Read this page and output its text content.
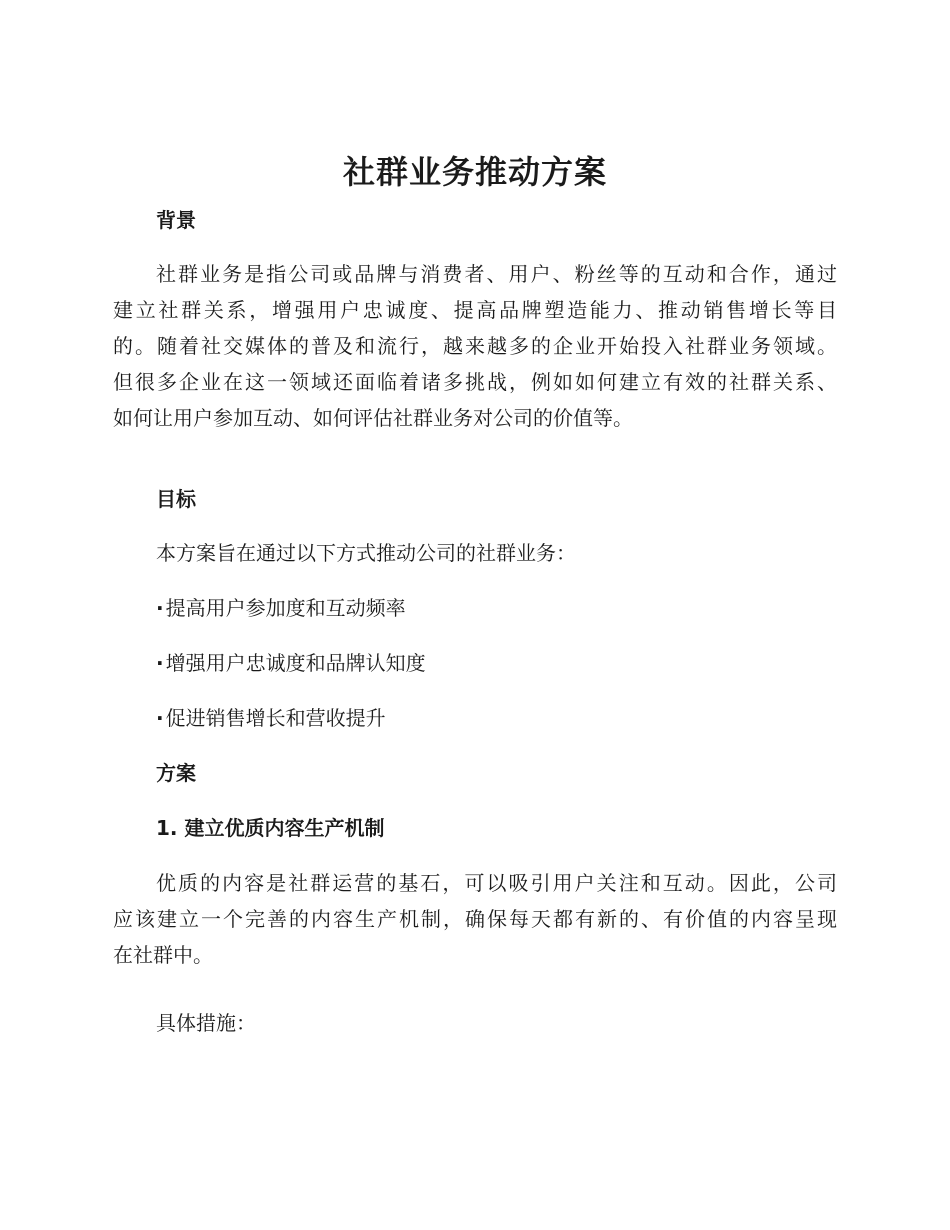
社群业务推动方案
背景
社群业务是指公司或品牌与消费者、用户、粉丝等的互动和合作，通过
建立社群关系，增强用户忠诚度、提高品牌塑造能力、推动销售增长等目
的。随着社交媒体的普及和流行，越来越多的企业开始投入社群业务领域。
但很多企业在这一领域还面临着诸多挑战，例如如何建立有效的社群关系、
如何让用户参加互动、如何评估社群业务对公司的价值等。
目标

本方案旨在通过以下方式推动公司的社群业务：

· 提高用户参加度和互动频率

· 增强用户忠诚度和品牌认知度

· 促进销售增长和营收提升

方案
1. 建立优质内容生产机制
优质的内容是社群运营的基石，可以吸引用户关注和互动。因此，公司
应该建立一个完善的内容生产机制，确保每天都有新的、有价值的内容呈现
在社群中。

具体措施：
